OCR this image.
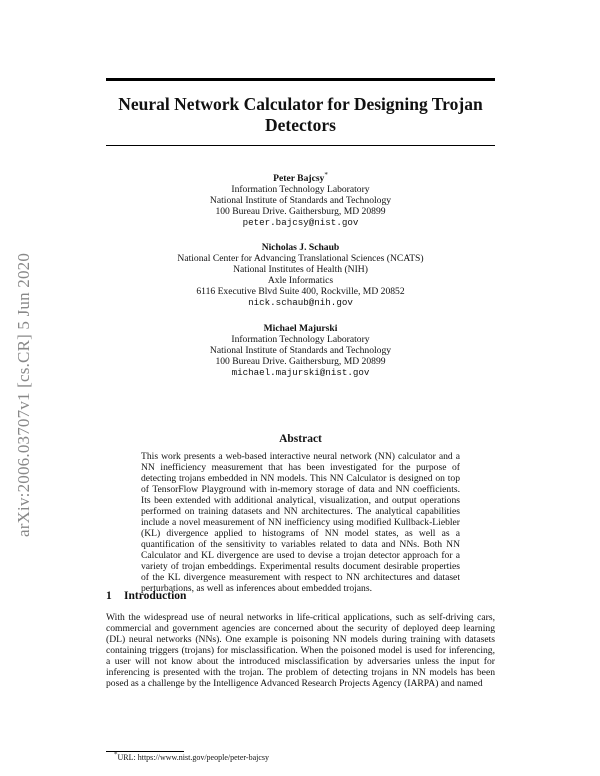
arXiv:2006.03707v1 [cs.CR] 5 Jun 2020
Neural Network Calculator for Designing Trojan Detectors
Peter Bajcsy*
Information Technology Laboratory
National Institute of Standards and Technology
100 Bureau Drive. Gaithersburg, MD 20899
peter.bajcsy@nist.gov
Nicholas J. Schaub
National Center for Advancing Translational Sciences (NCATS)
National Institutes of Health (NIH)
Axle Informatics
6116 Executive Blvd Suite 400, Rockville, MD 20852
nick.schaub@nih.gov
Michael Majurski
Information Technology Laboratory
National Institute of Standards and Technology
100 Bureau Drive. Gaithersburg, MD 20899
michael.majurski@nist.gov
Abstract

This work presents a web-based interactive neural network (NN) calculator and a NN inefficiency measurement that has been investigated for the purpose of detecting trojans embedded in NN models. This NN Calculator is designed on top of TensorFlow Playground with in-memory storage of data and NN coefficients. Its been extended with additional analytical, visualization, and output operations performed on training datasets and NN architectures. The analytical capabilities include a novel measurement of NN inefficiency using modified Kullback-Liebler (KL) divergence applied to histograms of NN model states, as well as a quantification of the sensitivity to variables related to data and NNs. Both NN Calculator and KL divergence are used to devise a trojan detector approach for a variety of trojan embeddings. Experimental results document desirable properties of the KL divergence measurement with respect to NN architectures and dataset perturbations, as well as inferences about embedded trojans.

1 Introduction

With the widespread use of neural networks in life-critical applications, such as self-driving cars, commercial and government agencies are concerned about the security of deployed deep learning (DL) neural networks (NNs). One example is poisoning NN models during training with datasets containing triggers (trojans) for misclassification. When the poisoned model is used for inferencing, a user will not know about the introduced misclassification by adversaries unless the input for inferencing is presented with the trojan. The problem of detecting trojans in NN models has been posed as a challenge by the Intelligence Advanced Research Projects Agency (IARPA) and named

*URL: https://www.nist.gov/people/peter-bajcsy
